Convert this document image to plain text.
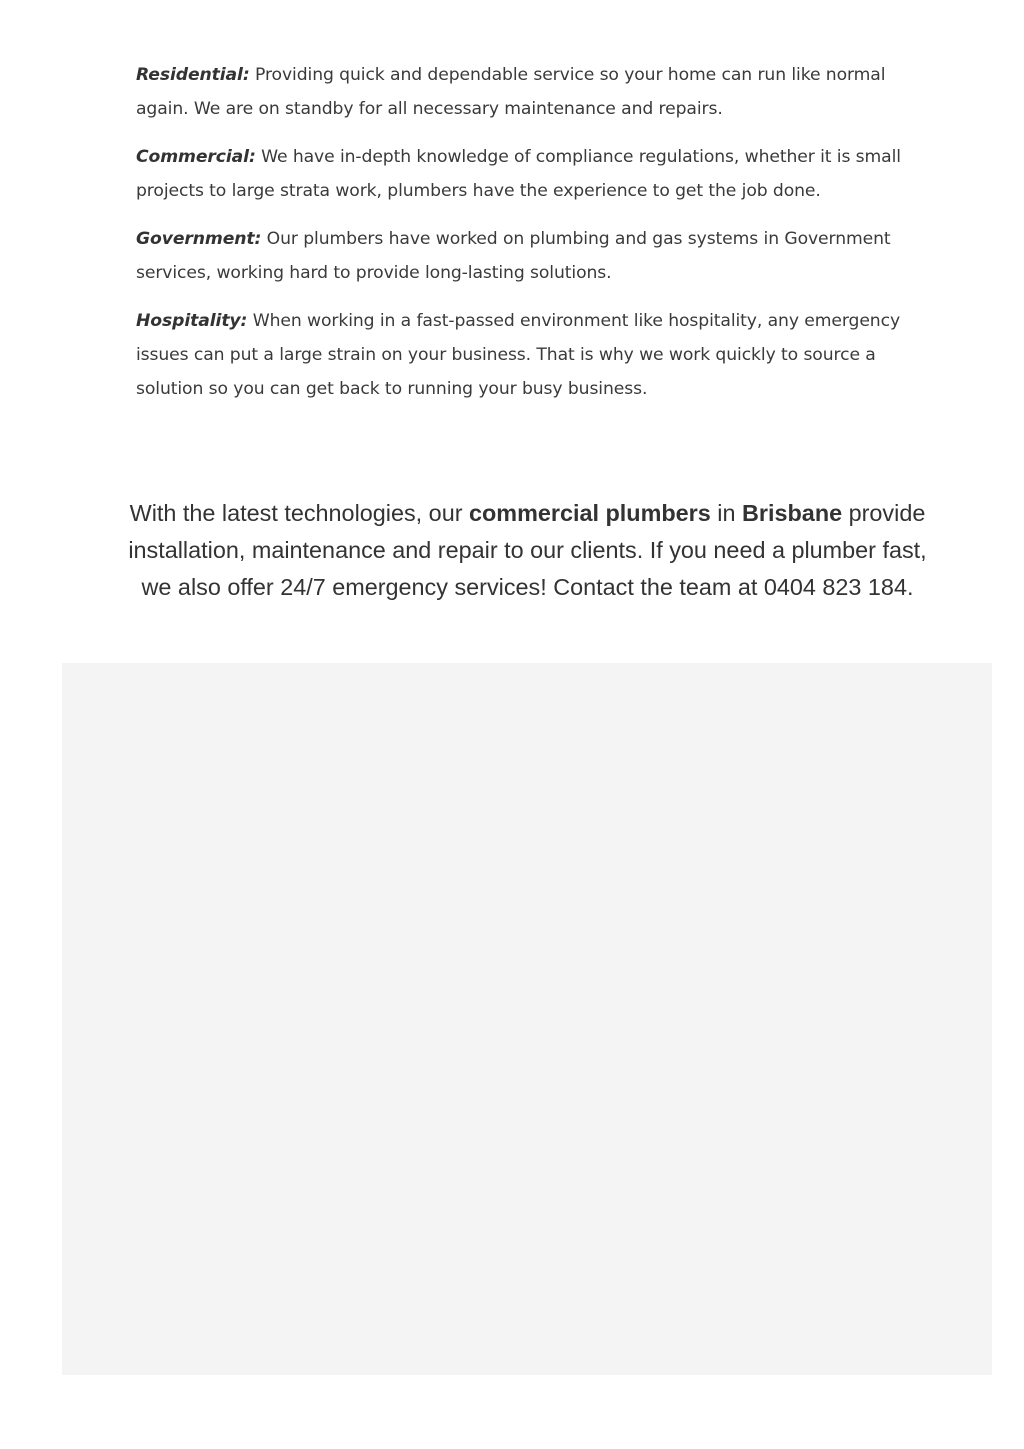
Residential: Providing quick and dependable service so your home can run like normal again. We are on standby for all necessary maintenance and repairs.

Commercial: We have in-depth knowledge of compliance regulations, whether it is small projects to large strata work, plumbers have the experience to get the job done.

Government: Our plumbers have worked on plumbing and gas systems in Government services, working hard to provide long-lasting solutions.

Hospitality: When working in a fast-passed environment like hospitality, any emergency issues can put a large strain on your business. That is why we work quickly to source a solution so you can get back to running your busy business.

With the latest technologies, our commercial plumbers in Brisbane provide installation, maintenance and repair to our clients. If you need a plumber fast, we also offer 24/7 emergency services! Contact the team at 0404 823 184.
